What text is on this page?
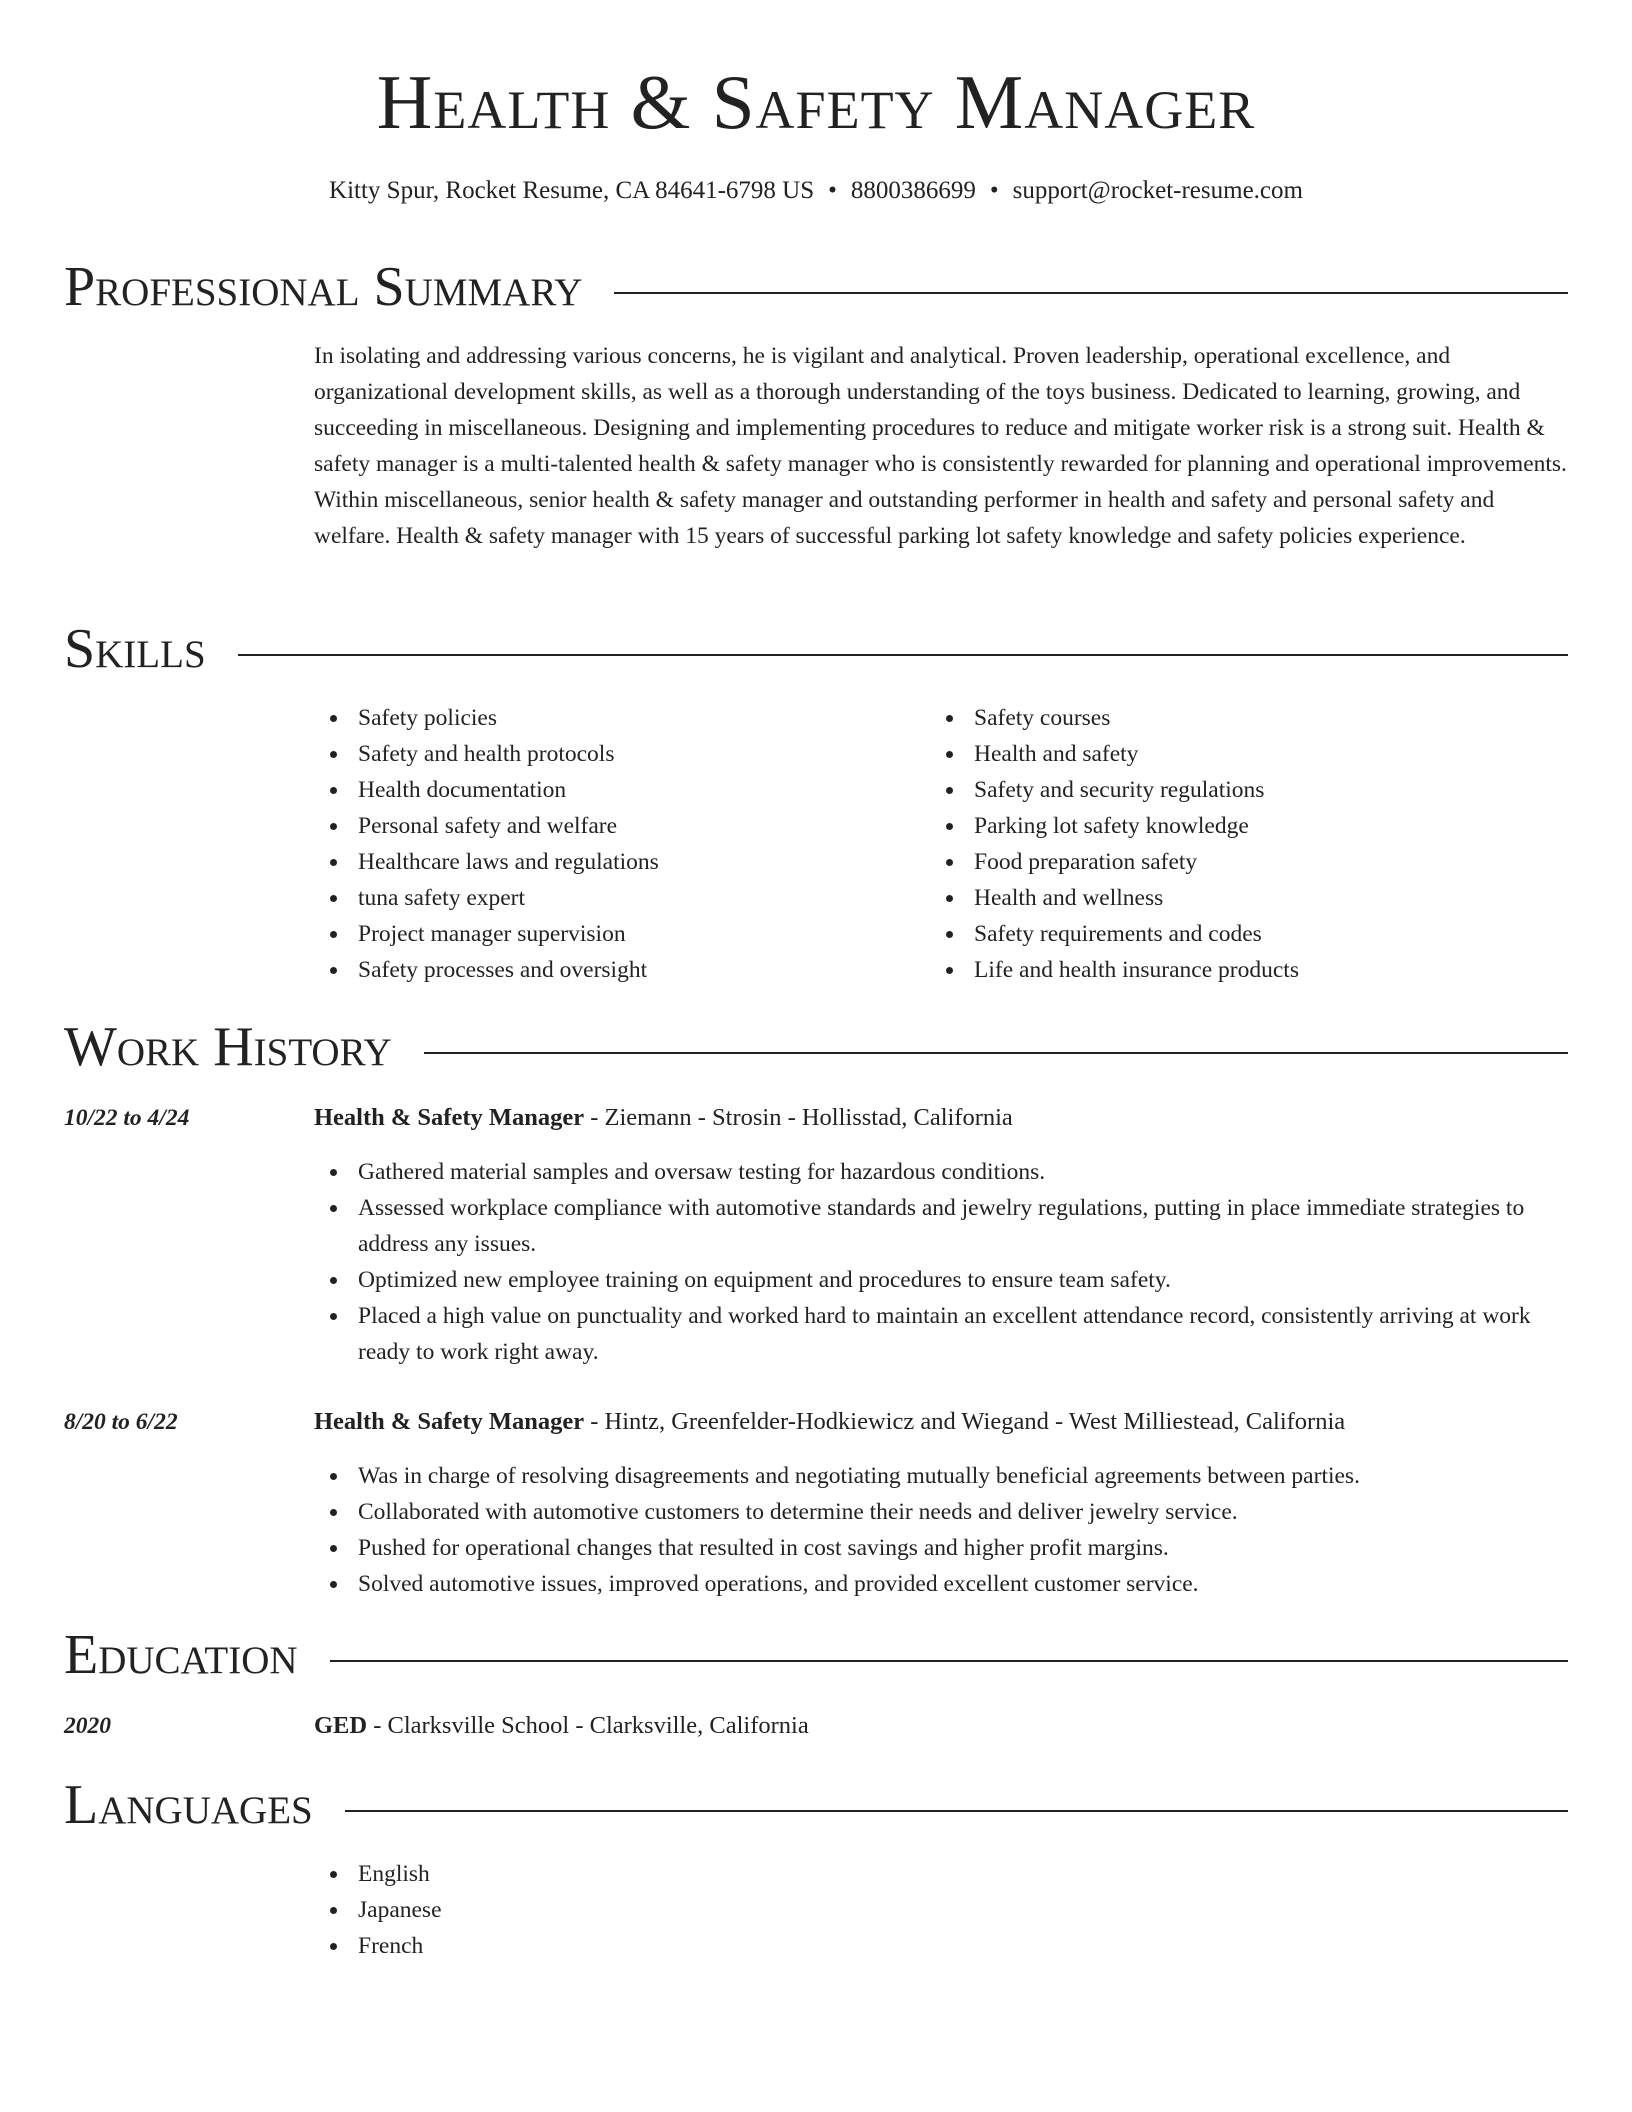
Health & Safety Manager
Kitty Spur, Rocket Resume, CA 84641-6798 US • 8800386699 • support@rocket-resume.com
Professional Summary

In isolating and addressing various concerns, he is vigilant and analytical. Proven leadership, operational excellence, and organizational development skills, as well as a thorough understanding of the toys business. Dedicated to learning, growing, and succeeding in miscellaneous. Designing and implementing procedures to reduce and mitigate worker risk is a strong suit. Health & safety manager is a multi-talented health & safety manager who is consistently rewarded for planning and operational improvements. Within miscellaneous, senior health & safety manager and outstanding performer in health and safety and personal safety and welfare. Health & safety manager with 15 years of successful parking lot safety knowledge and safety policies experience.

Skills
Safety policies
Safety and health protocols
Health documentation
Personal safety and welfare
Healthcare laws and regulations
tuna safety expert
Project manager supervision
Safety processes and oversight
Safety courses
Health and safety
Safety and security regulations
Parking lot safety knowledge
Food preparation safety
Health and wellness
Safety requirements and codes
Life and health insurance products
Work History
10/22 to 4/24	Health & Safety Manager - Ziemann - Strosin - Hollisstad, California
Gathered material samples and oversaw testing for hazardous conditions.
Assessed workplace compliance with automotive standards and jewelry regulations, putting in place immediate strategies to address any issues.
Optimized new employee training on equipment and procedures to ensure team safety.
Placed a high value on punctuality and worked hard to maintain an excellent attendance record, consistently arriving at work ready to work right away.
8/20 to 6/22	Health & Safety Manager - Hintz, Greenfelder-Hodkiewicz and Wiegand - West Milliestead, California
Was in charge of resolving disagreements and negotiating mutually beneficial agreements between parties.
Collaborated with automotive customers to determine their needs and deliver jewelry service.
Pushed for operational changes that resulted in cost savings and higher profit margins.
Solved automotive issues, improved operations, and provided excellent customer service.
Education
2020	GED - Clarksville School - Clarksville, California
Languages
English
Japanese
French
